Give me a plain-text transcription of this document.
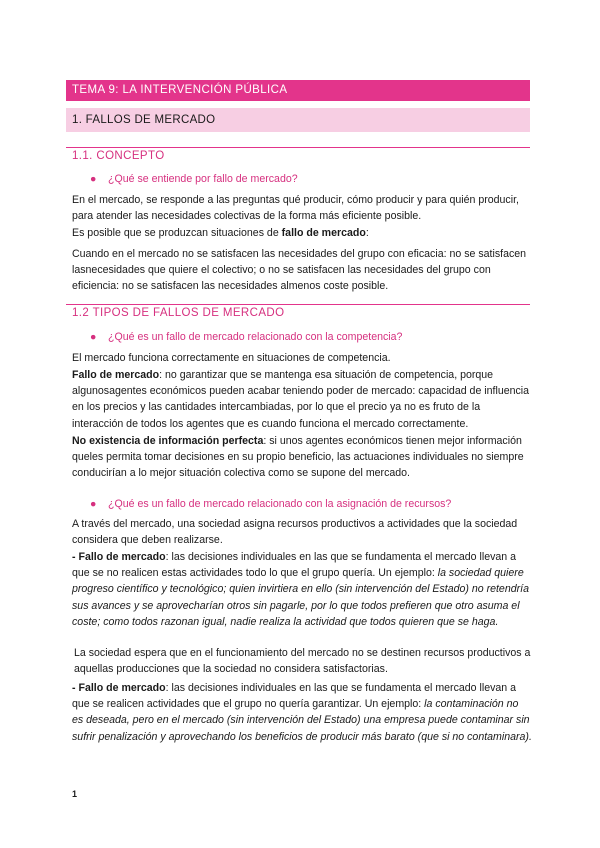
TEMA 9: LA INTERVENCIÓN PÚBLICA
1. FALLOS DE MERCADO
1.1. CONCEPTO

● ¿Qué se entiende por fallo de mercado?

En el mercado, se responde a las preguntas qué producir, cómo producir y para quién producir, para atender las necesidades colectivas de la forma más eficiente posible.

Es posible que se produzcan situaciones de fallo de mercado:

Cuando en el mercado no se satisfacen las necesidades del grupo con eficacia: no se satisfacen lasnecesidades que quiere el colectivo; o no se satisfacen las necesidades del grupo con eficiencia: no se satisfacen las necesidades almenos coste posible.

1.2 TIPOS DE FALLOS DE MERCADO

● ¿Qué es un fallo de mercado relacionado con la competencia?

El mercado funciona correctamente en situaciones de competencia.

Fallo de mercado: no garantizar que se mantenga esa situación de competencia, porque algunosagentes económicos pueden acabar teniendo poder de mercado: capacidad de influencia en los precios y las cantidades intercambiadas, por lo que el precio ya no es fruto de la interacción de todos los agentes que es cuando funciona el mercado correctamente.

No existencia de información perfecta: si unos agentes económicos tienen mejor información queles permita tomar decisiones en su propio beneficio, las actuaciones individuales no siempre conducirían a lo mejor situación colectiva como se supone del mercado.

● ¿Qué es un fallo de mercado relacionado con la asignación de recursos?

A través del mercado, una sociedad asigna recursos productivos a actividades que la sociedad considera que deben realizarse.

- Fallo de mercado: las decisiones individuales en las que se fundamenta el mercado llevan a que se no realicen estas actividades todo lo que el grupo quería. Un ejemplo: la sociedad quiere progreso científico y tecnológico; quien invirtiera en ello (sin intervención del Estado) no retendría sus avances y se aprovecharían otros sin pagarle, por lo que todos prefieren que otro asuma el coste; como todos razonan igual, nadie realiza la actividad que todos quieren que se haga.

La sociedad espera que en el funcionamiento del mercado no se destinen recursos productivos a aquellas producciones que la sociedad no considera satisfactorias.

- Fallo de mercado: las decisiones individuales en las que se fundamenta el mercado llevan a que se realicen actividades que el grupo no quería garantizar. Un ejemplo: la contaminación no es deseada, pero en el mercado (sin intervención del Estado) una empresa puede contaminar sin sufrir penalización y aprovechando los beneficios de producir más barato (que si no contaminara).

1
